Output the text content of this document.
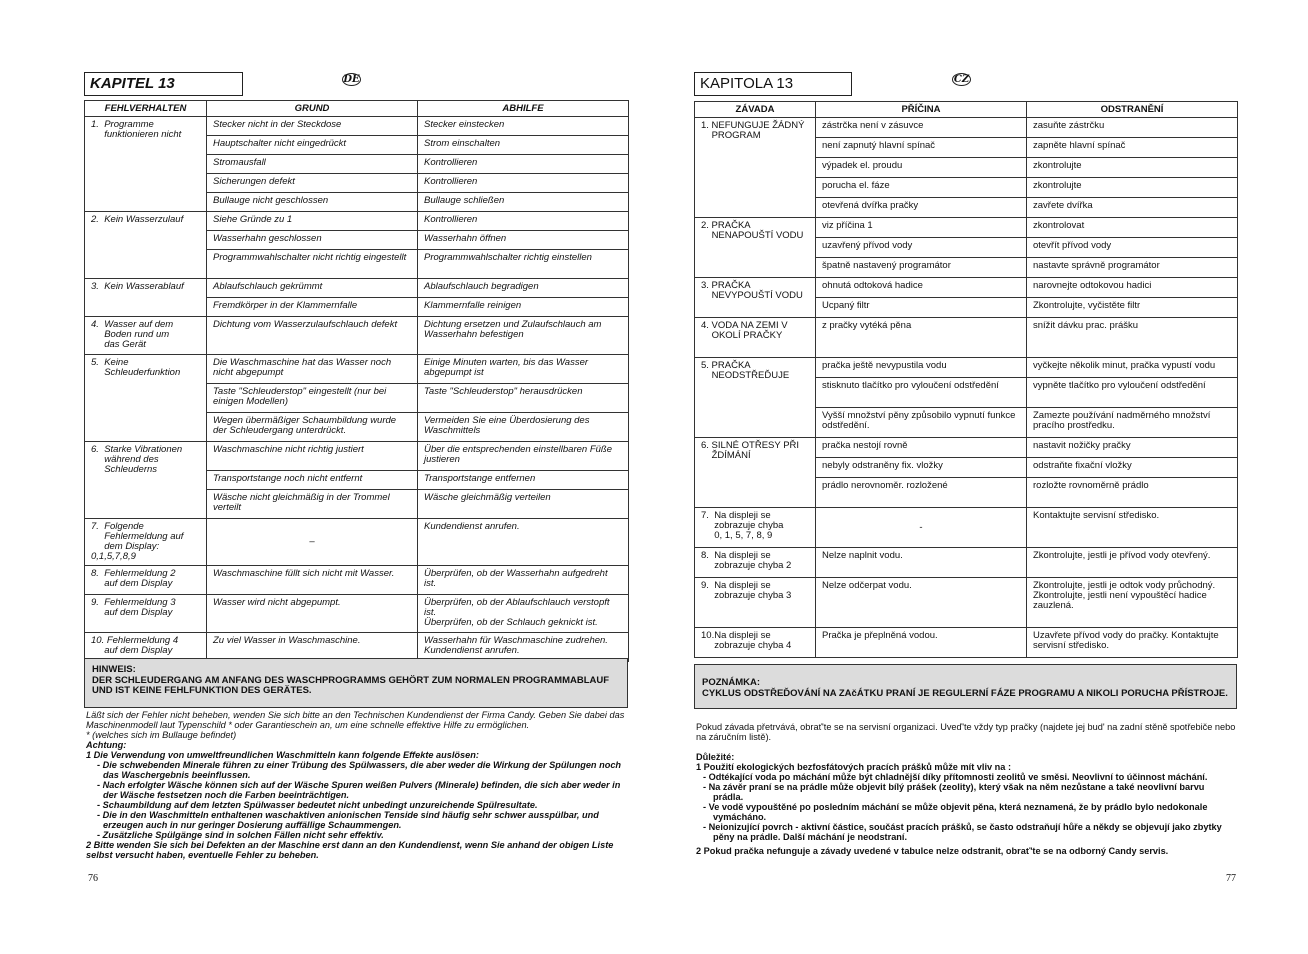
KAPITEL 13	DE
FEHLVERHALTEN	GRUND	ABHILFE
1.  Programme
funktionieren nicht	Stecker nicht in der Steckdose	Stecker einstecken
	Hauptschalter nicht eingedrückt	Strom einschalten
	Stromausfall	Kontrollieren
	Sicherungen defekt	Kontrollieren
	Bullauge nicht geschlossen	Bullauge schließen
2.  Kein Wasserzulauf	Siehe Gründe zu 1	Kontrollieren
	Wasserhahn geschlossen	Wasserhahn öffnen
	Programmwahlschalter nicht richtig eingestellt	Programmwahlschalter richtig einstellen
3.  Kein Wasserablauf	Ablaufschlauch gekrümmt	Ablaufschlauch begradigen
	Fremdkörper in der Klammernfalle	Klammernfalle reinigen
4.  Wasser auf dem
Boden rund um
das Gerät	Dichtung vom Wasserzulaufschlauch defekt	Dichtung ersetzen und Zulaufschlauch am Wasserhahn befestigen
5.  Keine
Schleuderfunktion	Die Waschmaschine hat das Wasser noch nicht abgepumpt	Einige Minuten warten, bis das Wasser abgepumpt ist
	Taste "Schleuderstop" eingestellt (nur bei einigen Modellen)	Taste "Schleuderstop" herausdrücken
	Wegen übermäßiger Schaumbildung wurde der Schleudergang unterdrückt.	Vermeiden Sie eine Überdosierung des Waschmittels
6.  Starke Vibrationen
während des
Schleuderns	Waschmaschine nicht richtig justiert	Über die entsprechenden einstellbaren Füße justieren
	Transportstange noch nicht entfernt	Transportstange entfernen
	Wäsche nicht gleichmäßig in der Trommel verteilt	Wäsche gleichmäßig verteilen
7.  Folgende
Fehlermeldung auf
dem Display: 0,1,5,7,8,9	–	Kundendienst anrufen.
8.  Fehlermeldung 2
auf dem Display	Waschmaschine füllt sich nicht mit Wasser.	Überprüfen, ob der Wasserhahn aufgedreht ist.
9.  Fehlermeldung 3
auf dem Display	Wasser wird nicht abgepumpt.	Überprüfen, ob der Ablaufschlauch verstopft ist.
Überprüfen, ob der Schlauch geknickt ist.
10. Fehlermeldung 4
auf dem Display	Zu viel Wasser in Waschmaschine.	Wasserhahn für Waschmaschine zudrehen. Kundendienst anrufen.
HINWEIS:
DER SCHLEUDERGANG AM ANFANG DES WASCHPROGRAMMS GEHÖRT ZUM NORMALEN PROGRAMMABLAUF UND IST KEINE FEHLFUNKTION DES GERÄTES.

Läßt sich der Fehler nicht beheben, wenden Sie sich bitte an den Technischen Kundendienst der Firma Candy. Geben Sie dabei das Maschinenmodell laut Typenschild * oder Garantieschein an, um eine schnelle effektive Hilfe zu ermöglichen.

* (welches sich im Bullauge befindet)

Achtung:

1 Die Verwendung von umweltfreundlichen Waschmitteln kann folgende Effekte auslösen:

- Die schwebenden Minerale führen zu einer Trübung des Spülwassers, die aber weder die Wirkung der Spülungen noch das Waschergebnis beeinflussen.

- Nach erfolgter Wäsche können sich auf der Wäsche Spuren weißen Pulvers (Minerale) befinden, die sich aber weder in der Wäsche festsetzen noch die Farben beeinträchtigen.

- Schaumbildung auf dem letzten Spülwasser bedeutet nicht unbedingt unzureichende Spülresultate.

- Die in den Waschmitteln enthaltenen waschaktiven anionischen Tenside sind häufig sehr schwer ausspülbar, und erzeugen auch in nur geringer Dosierung auffällige Schaummengen.

- Zusätzliche Spülgänge sind in solchen Fällen nicht sehr effektiv.

2 Bitte wenden Sie sich bei Defekten an der Maschine erst dann an den Kundendienst, wenn Sie anhand der obigen Liste selbst versucht haben, eventuelle Fehler zu beheben.

76
KAPITOLA 13	CZ
ZÁVADA	PŘÍČINA	ODSTRANĚNÍ
1. NEFUNGUJE ŽÁDNÝ
PROGRAM	zástrčka není v zásuvce	zasuňte zástrčku
	není zapnutý hlavní spínač	zapněte hlavní spínač
	výpadek el. proudu	zkontrolujte
	porucha el. fáze	zkontrolujte
	otevřená dvířka pračky	zavřete dvířka
2. PRAČKA
NENAPOUŠTÍ VODU	viz příčina 1	zkontrolovat
	uzavřený přívod vody	otevřít přívod vody
	špatně nastavený programátor	nastavte správně programátor
3. PRAČKA
NEVYPOUŠTÍ VODU	ohnutá odtoková hadice	narovnejte odtokovou hadici
	Ucpaný filtr	Zkontrolujte, vyčistěte filtr
4. VODA NA ZEMI V
OKOLÍ PRAČKY	z pračky vytéká pěna	snížit dávku prac. prášku
5. PRAČKA
NEODSTŘEĎUJE	pračka ještě nevypustila vodu	vyčkejte několik minut, pračka vypustí vodu
	stisknuto tlačítko pro vyloučení odstředění	vypněte tlačítko pro vyloučení odstředění
	Vyšší množství pěny způsobilo vypnutí funkce odstředění.	Zamezte používání nadměrného množství pracího prostředku.
6. SILNÉ OTŘESY PŘI
ŽDÍMÁNÍ	pračka nestojí rovně	nastavit nožičky pračky
	nebyly odstraněny fix. vložky	odstraňte fixační vložky
	prádlo nerovnoměr. rozložené	rozložte rovnoměrně prádlo
7.  Na displeji se
zobrazuje chyba
0, 1, 5, 7, 8, 9	-	Kontaktujte servisní středisko.
8.  Na displeji se
zobrazuje chyba 2	Nelze naplnit vodu.	Zkontrolujte, jestli je přívod vody otevřený.
9.  Na displeji se
zobrazuje chyba 3	Nelze odčerpat vodu.	Zkontrolujte, jestli je odtok vody průchodný.
Zkontrolujte, jestli není vypouštěcí hadice zauzlená.
10.Na displeji se
zobrazuje chyba 4	Pračka je přeplněná vodou.	Uzavřete přívod vody do pračky. Kontaktujte servisní středisko.
POZNÁMKA:
CYKLUS ODSTŘEĎOVÁNÍ NA ZAčÁTKU PRANÍ JE REGULERNÍ FÁZE PROGRAMU A NIKOLI PORUCHA PŘÍSTROJE.

Pokud závada přetrvává, obrať'te se na servisní organizaci. Uveď'te vždy typ pračky (najdete jej bud' na zadní stěně spotřebiče nebo na záručním listě).

Důležité:

1 Použití ekologických bezfosfátových pracích prášků může mít vliv na :

- Odtékající voda po máchání může být chladnější díky přítomnosti zeolitů ve směsi. Neovlivní to účinnost máchání.

- Na závěr praní se na prádle může objevit bílý prášek (zeolity), který však na něm nezůstane a také neovlivní barvu prádla.

- Ve vodě vypouštěné po posledním máchání se může objevit pěna, která neznamená, že by prádlo bylo nedokonale vymácháno.

- Neionizující povrch - aktivní částice, součást pracích prášků, se často odstraňují hůře a někdy se objevují jako zbytky pěny na prádle. Další máchání je neodstraní.

2 Pokud pračka nefunguje a závady uvedené v tabulce nelze odstranit, obrať'te se na odborný Candy servis.

77
